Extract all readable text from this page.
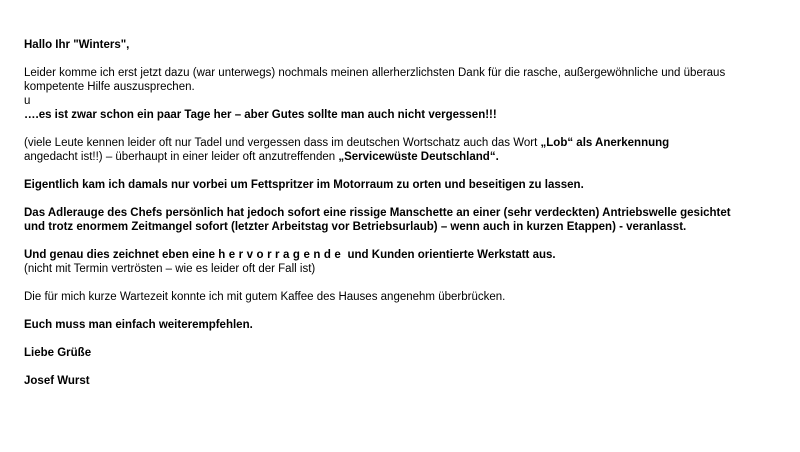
Hallo Ihr "Winters",

Leider komme ich erst jetzt dazu (war unterwegs) nochmals meinen allerherzlichsten Dank für die rasche, außergewöhnliche und überaus

kompetente Hilfe auszusprechen.

u

….es ist zwar schon ein paar Tage her – aber Gutes sollte man auch nicht vergessen!!!

(viele Leute kennen leider oft nur Tadel und vergessen dass im deutschen Wortschatz auch das Wort „Lob“ als Anerkennung

angedacht ist!!) – überhaupt in einer leider oft anzutreffenden „Servicewüste Deutschland“.

Eigentlich kam ich damals nur vorbei um Fettspritzer im Motorraum zu orten und beseitigen zu lassen.

Das Adlerauge des Chefs persönlich hat jedoch sofort eine rissige Manschette an einer (sehr verdeckten) Antriebswelle gesichtet

und trotz enormem Zeitmangel sofort (letzter Arbeitstag vor Betriebsurlaub) – wenn auch in kurzen Etappen) - veranlasst.

Und genau dies zeichnet eben eine hervorragende und Kunden orientierte Werkstatt aus.

(nicht mit Termin vertrösten – wie es leider oft der Fall ist)

Die für mich kurze Wartezeit konnte ich mit gutem Kaffee des Hauses angenehm überbrücken.

Euch muss man einfach weiterempfehlen.

Liebe Grüße

Josef Wurst
